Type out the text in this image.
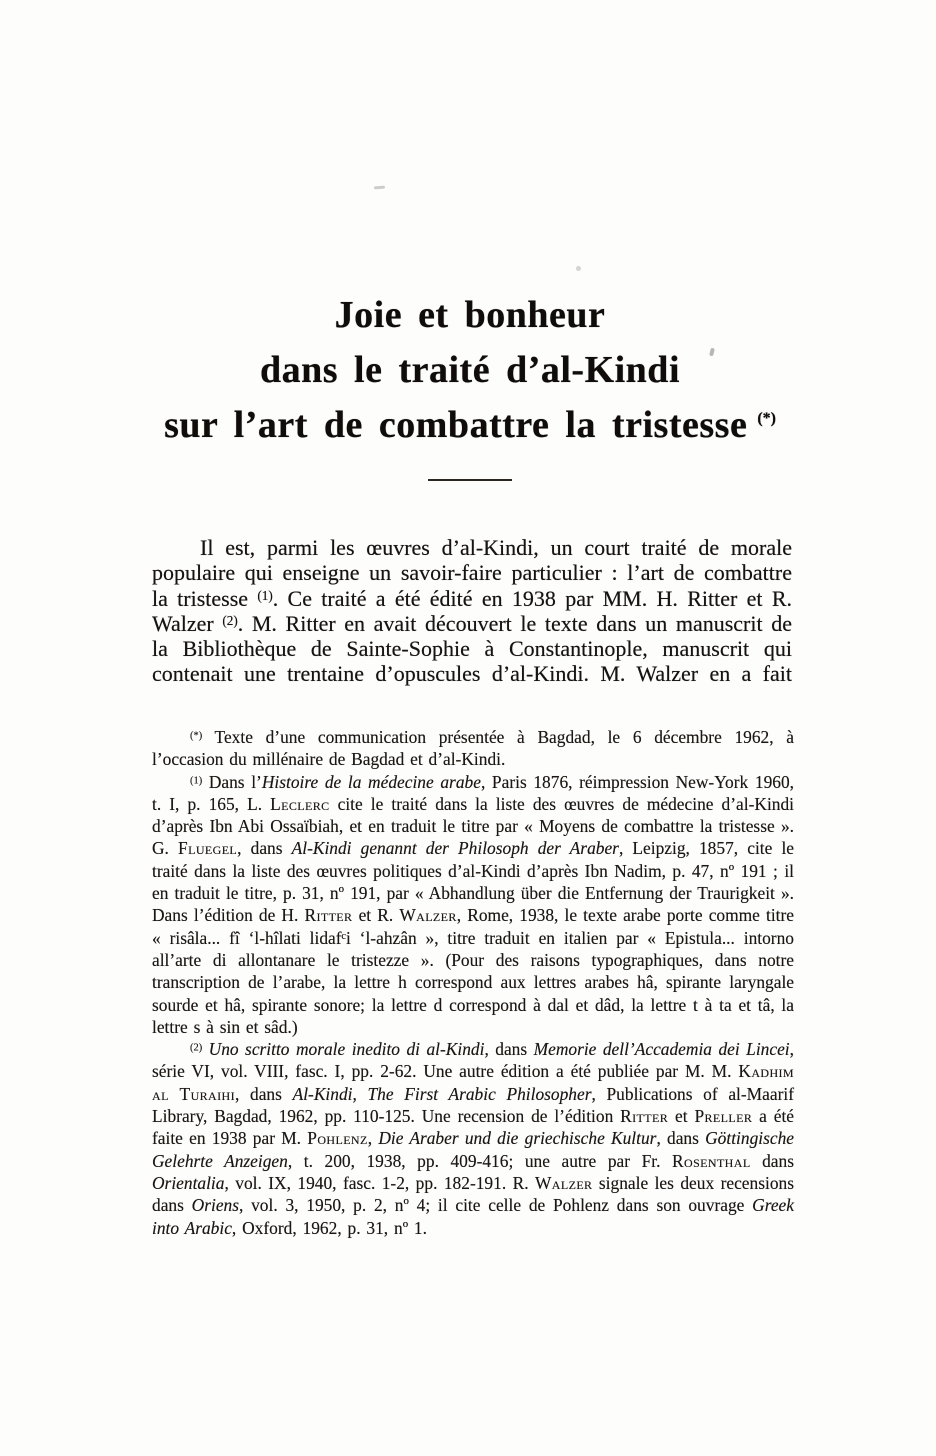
Joie et bonheur
dans le traité d’al-Kindi
sur l’art de combattre la tristesse (*)
Il est, parmi les œuvres d’al-Kindi, un court traité de morale populaire qui enseigne un savoir-faire particulier : l’art de combattre la tristesse $^{(1)}$. Ce traité a été édité en 1938 par MM. H. Ritter et R. Walzer $^{(2)}$. M. Ritter en avait découvert le texte dans un manuscrit de la Bibliothèque de Sainte-Sophie à Constantinople, manuscrit qui contenait une trentaine d’opuscules d’al-Kindi. M. Walzer en a fait

(*) Texte d’une communication présentée à Bagdad, le 6 décembre 1962, à l’occasion du millénaire de Bagdad et d’al-Kindi.

$^{(1)}$ Dans l’Histoire de la médecine arabe, Paris 1876, réimpression New-York 1960, t. I, p. 165, L. Leclerc cite le traité dans la liste des œuvres de médecine d’al-Kindi d’après Ibn Abi Ossaïbiah, et en traduit le titre par « Moyens de combattre la tristesse ». G. Fluegel, dans Al-Kindi genannt der Philosoph der Araber, Leipzig, 1857, cite le traité dans la liste des œuvres politiques d’al-Kindi d’après Ibn Nadim, p. 47, nº 191 ; il en traduit le titre, p. 31, nº 191, par « Abhandlung über die Entfernung der Traurigkeit ». Dans l’édition de H. Ritter et R. Walzer, Rome, 1938, le texte arabe porte comme titre « risâla... fî ‘l-hîlati lidafᶜi ‘l-ahzân », titre traduit en italien par « Epistula... intorno all’arte di allontanare le tristezze ». (Pour des raisons typographiques, dans notre transcription de l’arabe, la lettre h correspond aux lettres arabes hâ, spirante laryngale sourde et hâ, spirante sonore; la lettre d correspond à dal et dâd, la lettre t à ta et tâ, la lettre s à sin et sâd.)

$^{(2)}$ Uno scritto morale inedito di al-Kindi, dans Memorie dell’Accademia dei Lincei, série VI, vol. VIII, fasc. I, pp. 2-62. Une autre édition a été publiée par M. M. Kadhim al Turaihi, dans Al-Kindi, The First Arabic Philosopher, Publications of al-Maarif Library, Bagdad, 1962, pp. 110-125. Une recension de l’édition Ritter et Preller a été faite en 1938 par M. Pohlenz, Die Araber und die griechische Kultur, dans Göttingische Gelehrte Anzeigen, t. 200, 1938, pp. 409-416; une autre par Fr. Rosenthal dans Orientalia, vol. IX, 1940, fasc. 1-2, pp. 182-191. R. Walzer signale les deux recensions dans Oriens, vol. 3, 1950, p. 2, nº 4; il cite celle de Pohlenz dans son ouvrage Greek into Arabic, Oxford, 1962, p. 31, nº 1.
